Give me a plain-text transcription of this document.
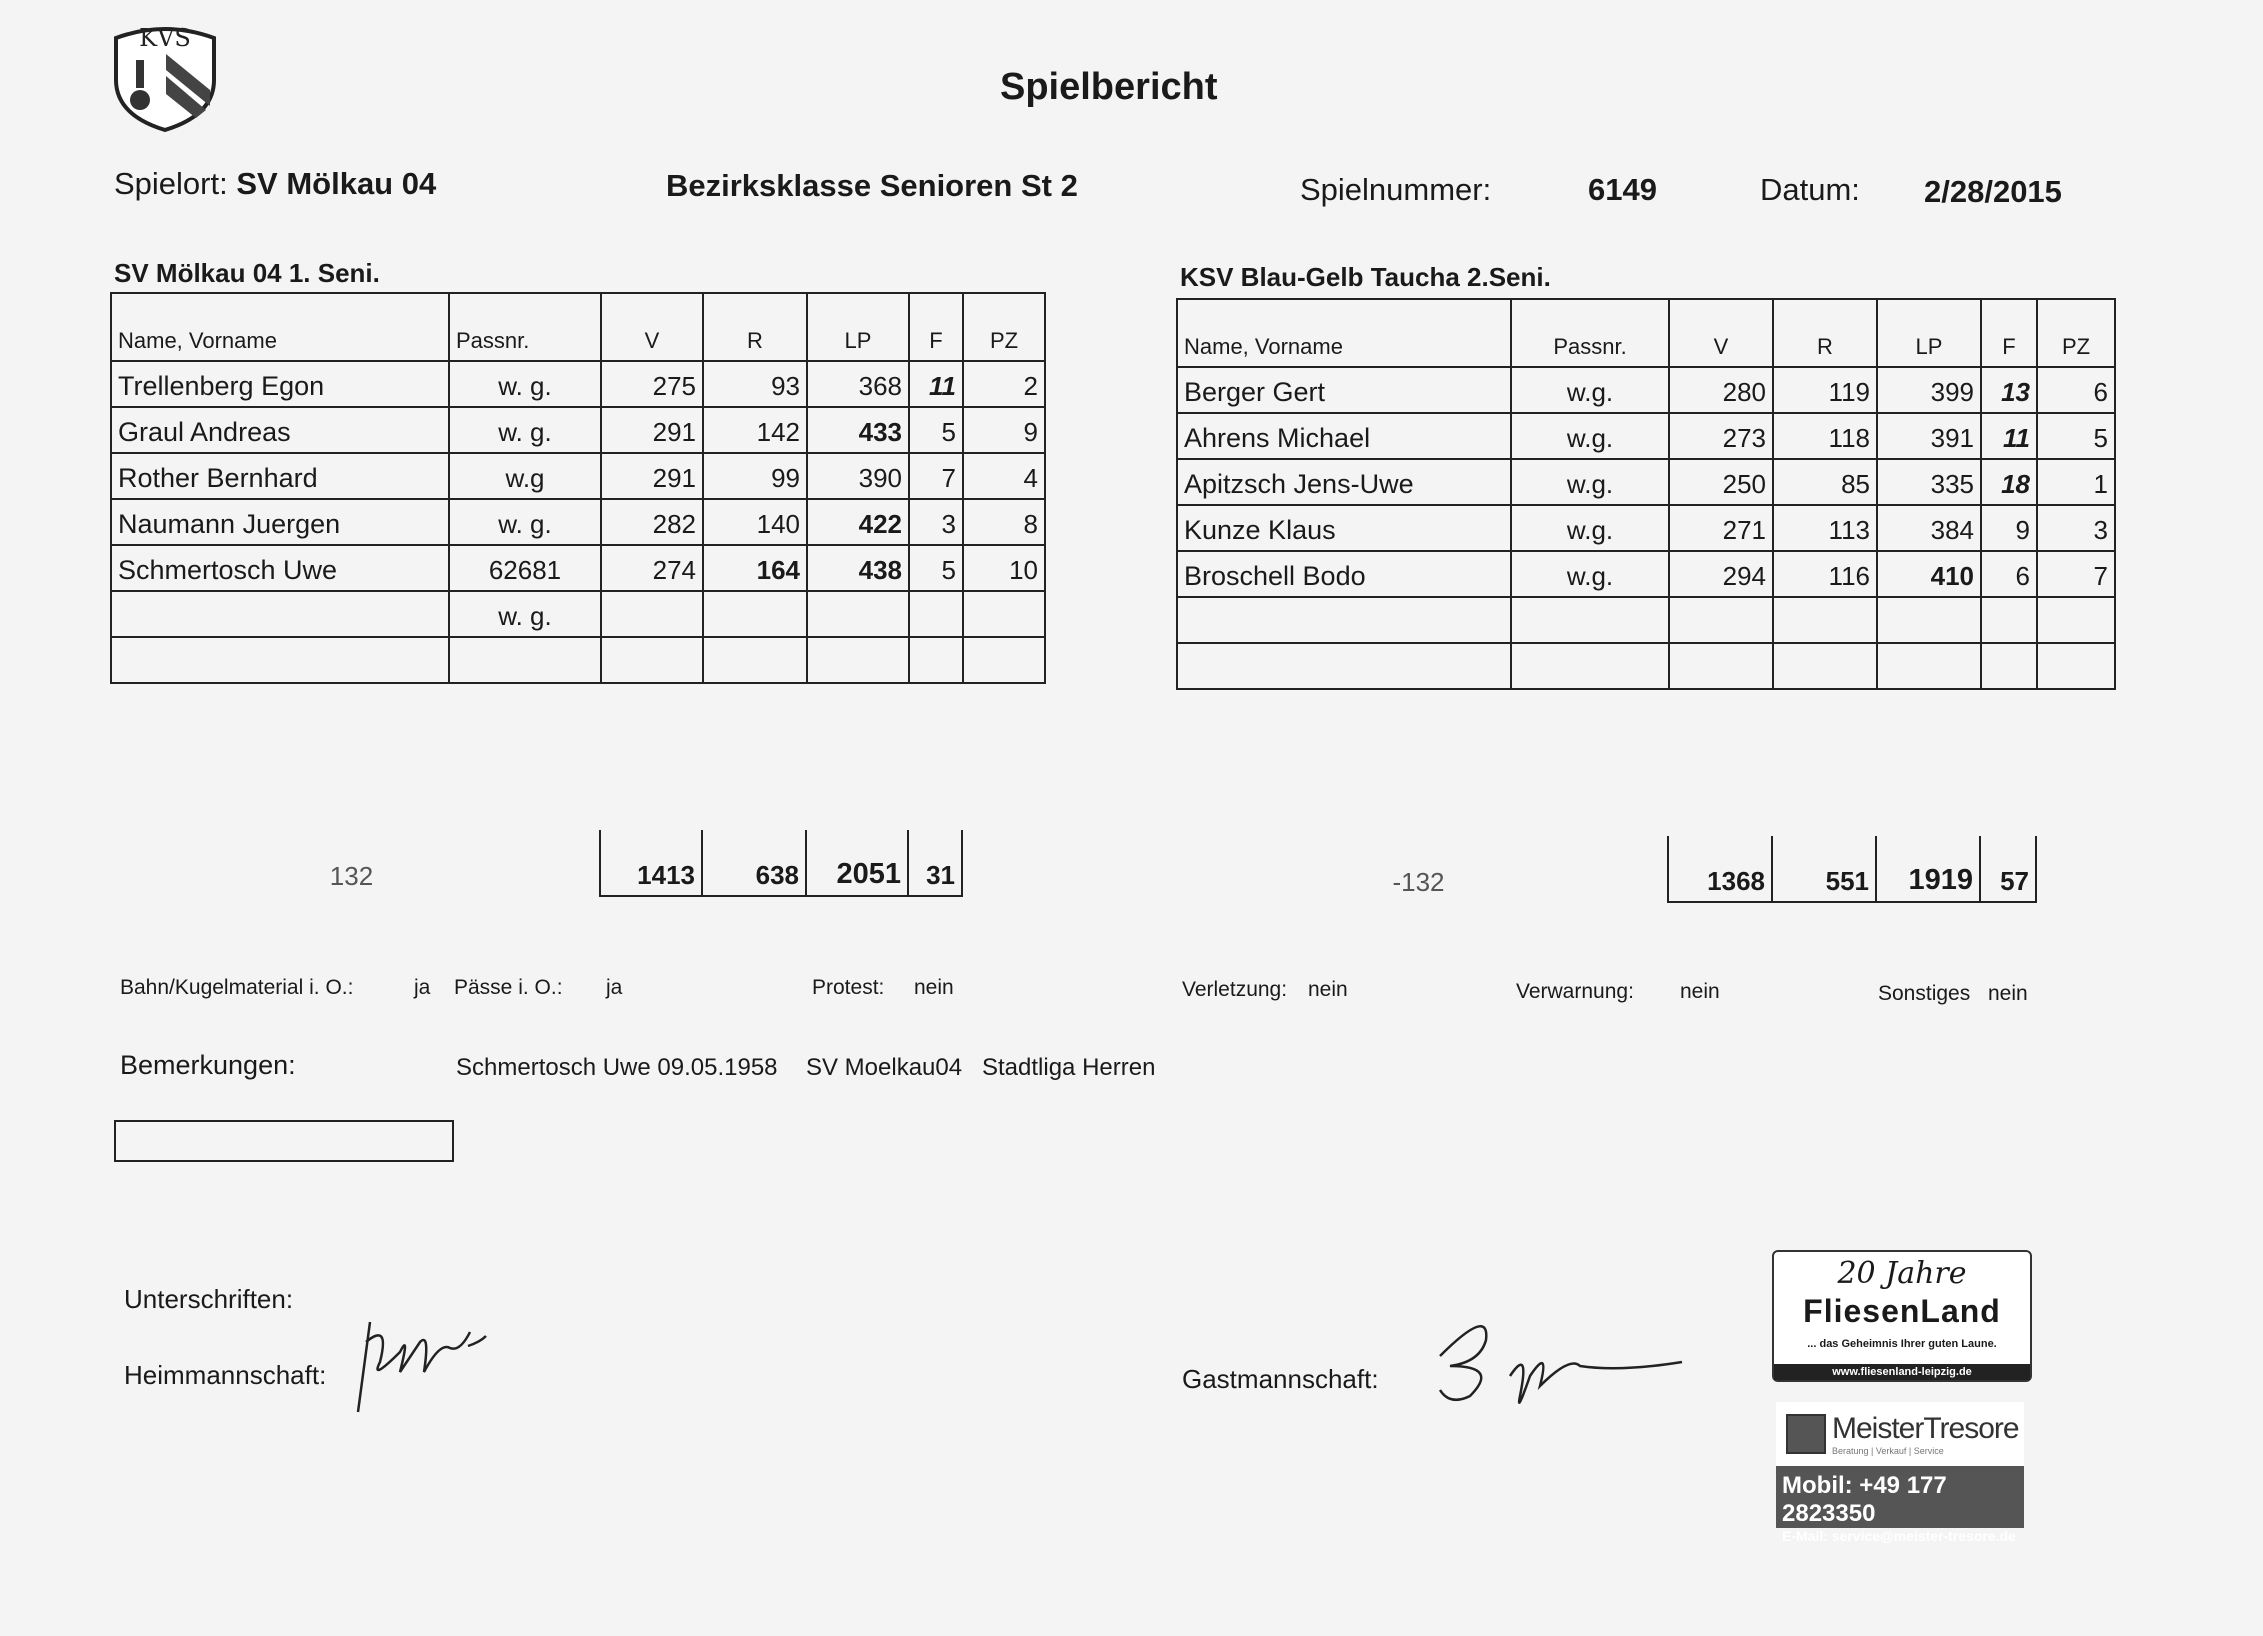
KVS
Spielbericht
Spielort: SV Mölkau 04	Bezirksklasse Senioren St 2	Spielnummer:	6149	Datum: 2/28/2015
SV Mölkau 04 1. Seni.	KSV Blau-Gelb Taucha 2.Seni.
Name, Vorname	Passnr.	V	R	LP	F	PZ
Trellenberg Egon	w. g.	275	93	368	11	2
Graul Andreas	w. g.	291	142	433	5	9
Rother Bernhard	w.g	291	99	390	7	4
Naumann Juergen	w. g.	282	140	422	3	8
Schmertosch Uwe	62681	274	164	438	5	10
	w. g.					

Name, Vorname	Passnr.	V	R	LP	F	PZ
Berger Gert	w.g.	280	119	399	13	6
Ahrens Michael	w.g.	273	118	391	11	5
Apitzsch Jens-Uwe	w.g.	250	85	335	18	1
Kunze Klaus	w.g.	271	113	384	9	3
Broschell Bodo	w.g.	294	116	410	6	7

132	1413	638	2051	31	-132	1368	551	1919	57
Bahn/Kugelmaterial i. O.:	ja Pässe i. O.: ja	Protest: nein	Verletzung: nein	Verwarnung: nein	Sonstiges nein
Bemerkungen:	Schmertosch Uwe 09.05.1958 SV Moelkau04 Stadtliga Herren
Unterschriften:
Heimmannschaft:	Gastmannschaft:
20 Jahre
FliesenLand
... das Geheimnis Ihrer guten Laune.
www.fliesenland-leipzig.de
MeisterTresore
Beratung | Verkauf | Service
Mobil: +49 177 2823350
E-Mail: service@meister-tresore.de
